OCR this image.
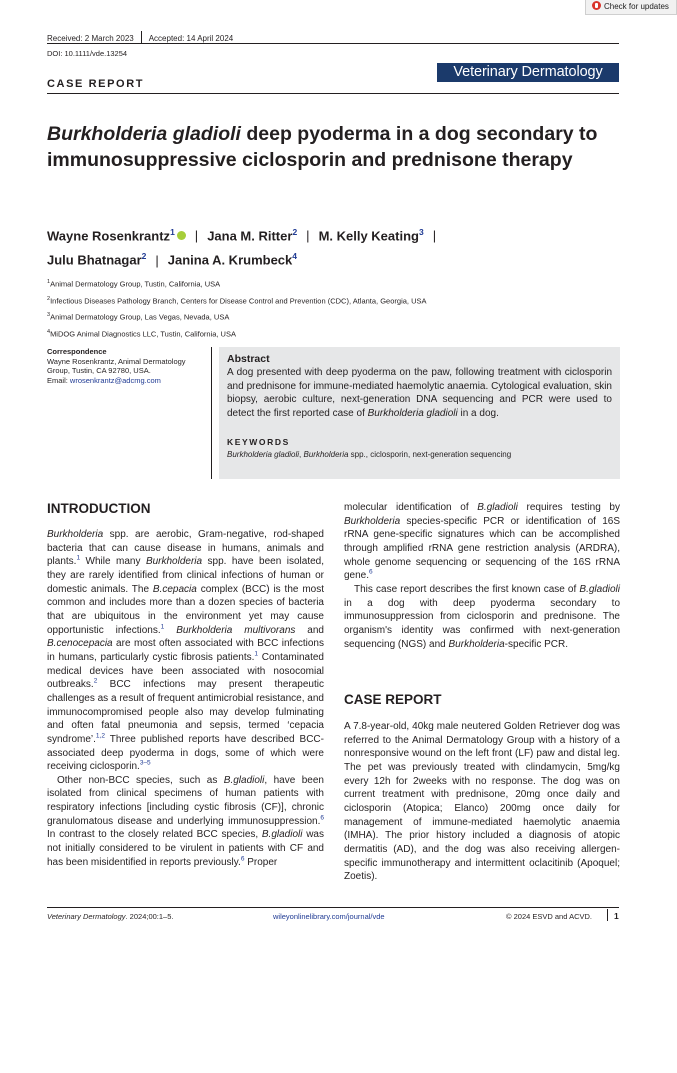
Check for updates
Received: 2 March 2023 Accepted: 14 April 2024
DOI: 10.1111/vde.13254
Veterinary Dermatology
CASE REPORT
Burkholderia gladioli deep pyoderma in a dog secondary to immunosuppressive ciclosporin and prednisone therapy
Wayne Rosenkrantz$^1$ | Jana M. Ritter$^2$ | M. Kelly Keating$^3$ |
Julu Bhatnagar$^2$ | Janina A. Krumbeck$^4$
$^1$Animal Dermatology Group, Tustin, California, USA
$^2$Infectious Diseases Pathology Branch, Centers for Disease Control and Prevention (CDC), Atlanta, Georgia, USA
$^3$Animal Dermatology Group, Las Vegas, Nevada, USA
$^4$MiDOG Animal Diagnostics LLC, Tustin, California, USA
Correspondence
Wayne Rosenkrantz, Animal Dermatology
Group, Tustin, CA 92780, USA.
Email: wrosenkrantz@adcmg.com
Abstract
A dog presented with deep pyoderma on the paw, following treatment with ciclosporin and prednisone for immune-mediated haemolytic anaemia. Cytological evaluation, skin biopsy, aerobic culture, next-generation DNA sequencing and PCR were used to detect the first reported case of Burkholderia gladioli in a dog.
KEYWORDS
Burkholderia gladioli, Burkholderia spp., ciclosporin, next-generation sequencing
INTRODUCTION

Burkholderia spp. are aerobic, Gram-negative, rod-shaped bacteria that can cause disease in humans, animals and plants.$^1$ While many Burkholderia spp. have been isolated, they are rarely identified from clinical infections of human or domestic animals. The B.cepacia complex (BCC) is the most common and includes more than a dozen species of bacteria that are ubiquitous in the environment yet may cause opportunistic infections.$^1$ Burkholderia multivorans and B.cenocepacia are most often associated with BCC infections in humans, particularly cystic fibrosis patients.$^1$ Contaminated medical devices have been associated with nosocomial outbreaks.$^2$ BCC infections may present therapeutic challenges as a result of frequent antimicrobial resistance, and immunocompromised people also may develop fulminating and often fatal pneumonia and sepsis, termed ‘cepacia syndrome’.$^{1,2}$ Three published reports have described BCC-associated deep pyoderma in dogs, some of which were receiving ciclosporin.$^{3-5}$

Other non-BCC species, such as B.gladioli, have been isolated from clinical specimens of human patients with respiratory infections [including cystic fibrosis (CF)], chronic granulomatous disease and underlying immunosuppression.$^6$ In contrast to the closely related BCC species, B.gladioli was not initially considered to be virulent in patients with CF and has been misidentified in reports previously.$^6$ Proper

molecular identification of B.gladioli requires testing by Burkholderia species-specific PCR or identification of 16S rRNA gene-specific signatures which can be accomplished through amplified rRNA gene restriction analysis (ARDRA), whole genome sequencing or sequencing of the 16S rRNA gene.$^6$

This case report describes the first known case of B.gladioli in a dog with deep pyoderma secondary to immunosuppression from ciclosporin and prednisone. The organism's identity was confirmed with next-generation sequencing (NGS) and Burkholderia-specific PCR.

CASE REPORT

A 7.8-year-old, 40kg male neutered Golden Retriever dog was referred to the Animal Dermatology Group with a history of a nonresponsive wound on the left front (LF) paw and distal leg. The pet was previously treated with clindamycin, 5mg/kg every 12h for 2weeks with no response. The dog was on current treatment with prednisone, 20mg once daily and ciclosporin (Atopica; Elanco) 200mg once daily for management of immune-mediated haemolytic anaemia (IMHA). The prior history included a diagnosis of atopic dermatitis (AD), and the dog was also receiving allergen-specific immunotherapy and intermittent oclacitinib (Apoquel; Zoetis).

Veterinary Dermatology. 2024;00:1–5.	wileyonlinelibrary.com/journal/vde	© 2024 ESVD and ACVD.	1
